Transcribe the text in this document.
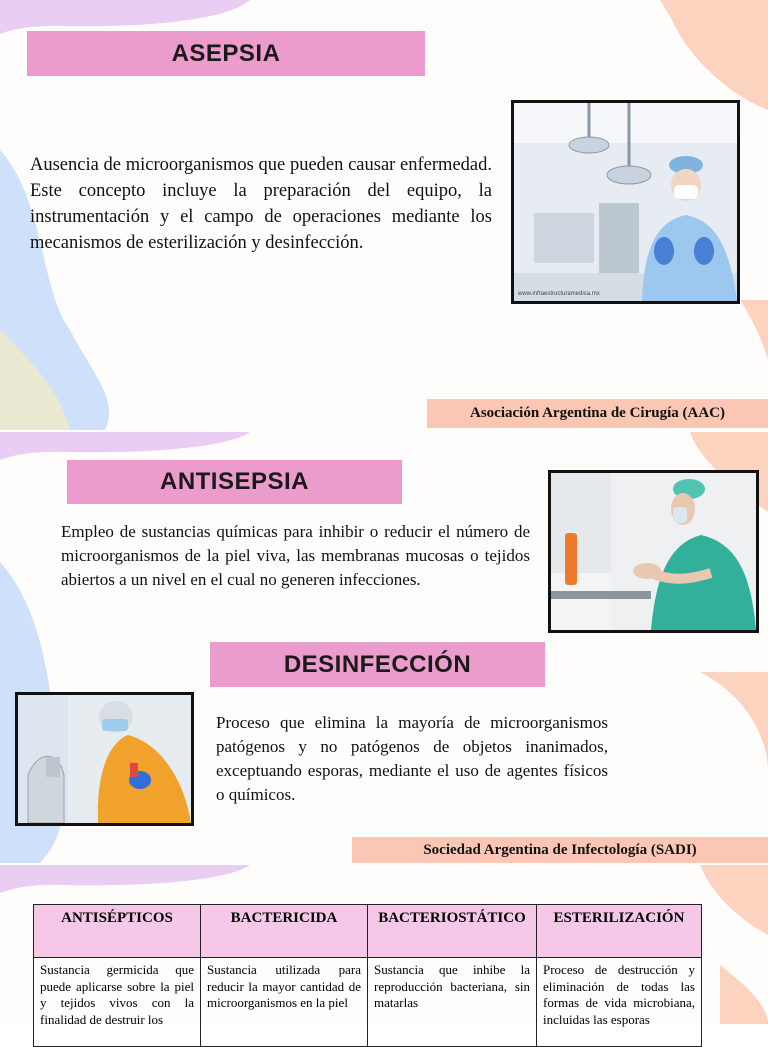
ASEPSIA
Ausencia de microorganismos que pueden causar enfermedad. Este concepto incluye la preparación del equipo, la instrumentación y el campo de operaciones mediante los mecanismos de esterilización y desinfección.
www.infraestructuramedica.mx
Asociación Argentina de Cirugía (AAC)
ANTISEPSIA
Empleo de sustancias químicas para inhibir o reducir el número de microorganismos de la piel viva, las membranas mucosas o tejidos abiertos a un nivel en el cual no generen infecciones.
DESINFECCIÓN
Proceso que elimina la mayoría de microorganismos patógenos y no patógenos de objetos inanimados, exceptuando esporas, mediante el uso de agentes físicos o químicos.
Sociedad Argentina de Infectología (SADI)
ANTISÉPTICOS	BACTERICIDA	BACTERIOSTÁTICO	ESTERILIZACIÓN
Sustancia germicida que puede aplicarse sobre la piel y tejidos vivos con la finalidad de destruir los	Sustancia utilizada para reducir la mayor cantidad de microorganismos en la piel	Sustancia que inhibe la reproducción bacteriana, sin matarlas	Proceso de destrucción y eliminación de todas las formas de vida microbiana, incluidas las esporas
